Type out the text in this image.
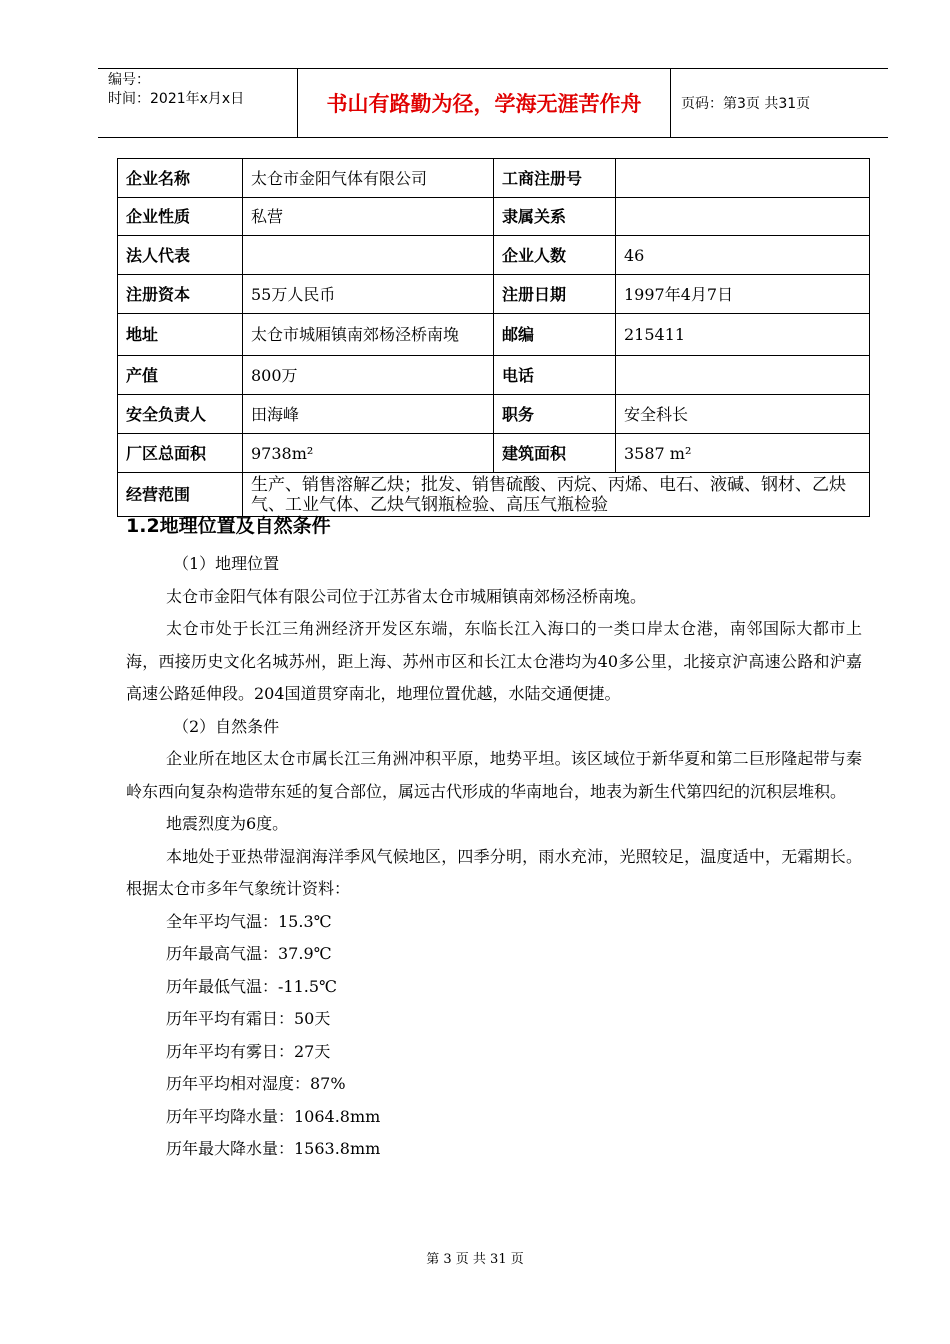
编号：
时间：2021年x月x日	书山有路勤为径，学海无涯苦作舟	页码：第3页 共31页
企业名称	太仓市金阳气体有限公司	工商注册号	
企业性质	私营	隶属关系	
法人代表		企业人数	46
注册资本	55万人民币	注册日期	1997年4月7日
地址	太仓市城厢镇南郊杨泾桥南堍	邮编	215411
产值	800万	电话	
安全负责人	田海峰	职务	安全科长
厂区总面积	9738m²	建筑面积	3587 m²
经营范围	生产、销售溶解乙炔；批发、销售硫酸、丙烷、丙烯、电石、液碱、钢材、乙炔气、工业气体、乙炔气钢瓶检验、高压气瓶检验		
1.2地理位置及自然条件

（1）地理位置

太仓市金阳气体有限公司位于江苏省太仓市城厢镇南郊杨泾桥南堍。

太仓市处于长江三角洲经济开发区东端，东临长江入海口的一类口岸太仓港，南邻国际大都市上海，西接历史文化名城苏州，距上海、苏州市区和长江太仓港均为40多公里，北接京沪高速公路和沪嘉高速公路延伸段。204国道贯穿南北，地理位置优越，水陆交通便捷。

（2）自然条件

企业所在地区太仓市属长江三角洲冲积平原，地势平坦。该区域位于新华夏和第二巨形隆起带与秦岭东西向复杂构造带东延的复合部位，属远古代形成的华南地台，地表为新生代第四纪的沉积层堆积。

地震烈度为6度。

本地处于亚热带湿润海洋季风气候地区，四季分明，雨水充沛，光照较足，温度适中，无霜期长。根据太仓市多年气象统计资料：

全年平均气温：15.3℃

历年最高气温：37.9℃

历年最低气温：-11.5℃

历年平均有霜日：50天

历年平均有雾日：27天

历年平均相对湿度：87%

历年平均降水量：1064.8mm

历年最大降水量：1563.8mm

第 3 页 共 31 页
